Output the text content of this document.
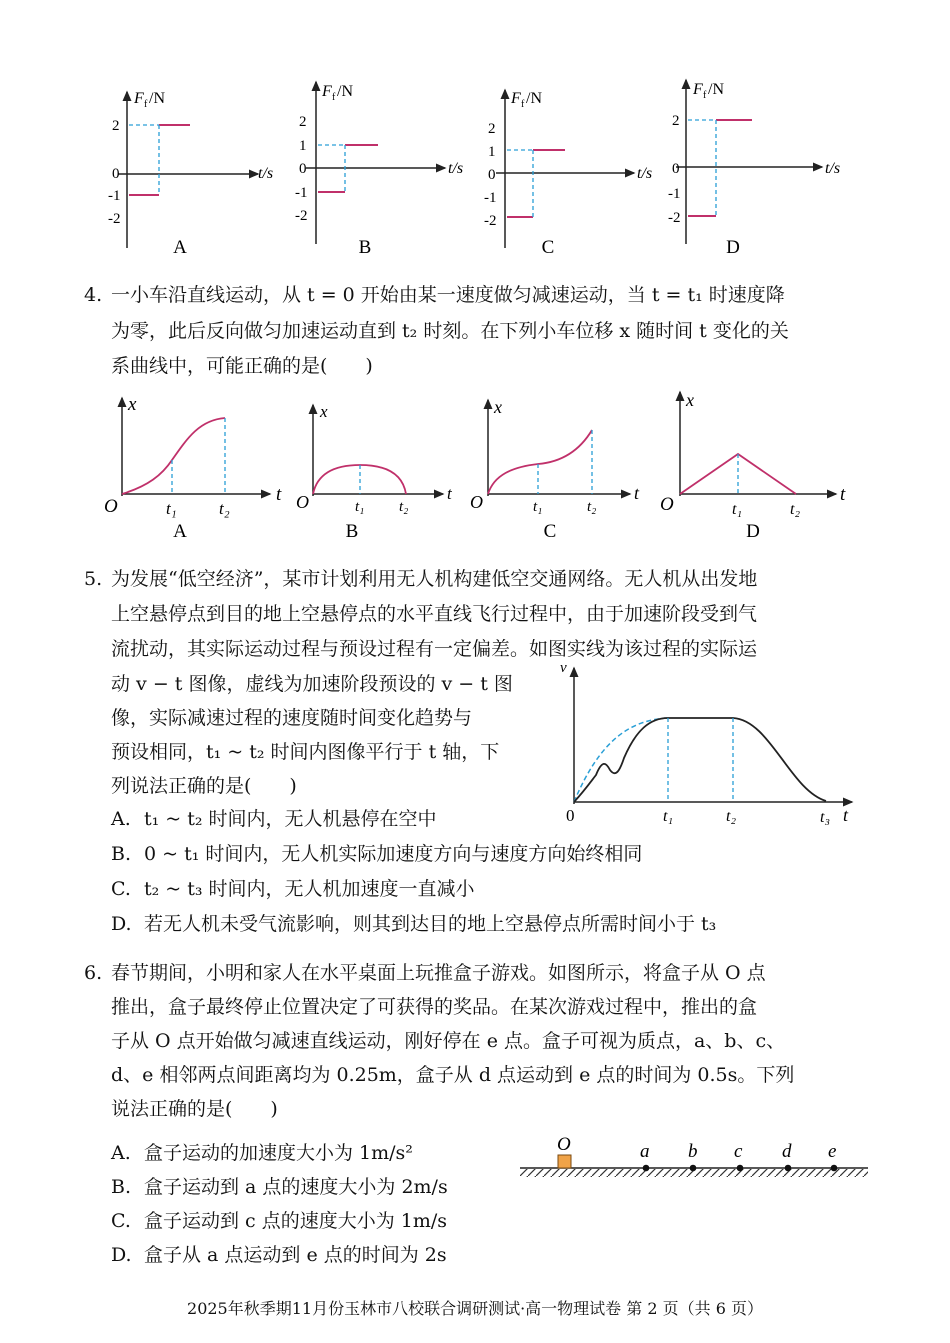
F f /N
t/s
2
0
-1
-2
A
F f /N
t/s
2
1
0
-1
-2
B
F f /N
t/s
2
1
0
-1
-2
C
F f /N
t/s
2
0
-1
-2
D
4. 一小车沿直线运动，从 t = 0 开始由某一速度做匀减速运动，当 t = t₁ 时速度降
为零，此后反向做匀加速运动直到 t₂ 时刻。在下列小车位移 x 随时间 t 变化的关
系曲线中，可能正确的是(　　)
x
t
O	t₁ t₂
A
x
t
O	t₁ t₂
B
x
t
O	t₁	t₂
C
x
t
O	t₁	t₂
D
5. 为发展“低空经济”，某市计划利用无人机构建低空交通网络。无人机从出发地
上空悬停点到目的地上空悬停点的水平直线飞行过程中，由于加速阶段受到气
流扰动，其实际运动过程与预设过程有一定偏差。如图实线为该过程的实际运
动 v − t 图像，虚线为加速阶段预设的 v − t 图
像，实际减速过程的速度随时间变化趋势与
预设相同，t₁ ~ t₂ 时间内图像平行于 t 轴，下
列说法正确的是(　　)
v
0	t₁	t₂	t₃ t
A. t₁ ~ t₂ 时间内，无人机悬停在空中
B. 0 ~ t₁ 时间内，无人机实际加速度方向与速度方向始终相同
C. t₂ ~ t₃ 时间内，无人机加速度一直减小
D. 若无人机未受气流影响，则其到达目的地上空悬停点所需时间小于 t₃
6. 春节期间，小明和家人在水平桌面上玩推盒子游戏。如图所示，将盒子从 O 点
推出，盒子最终停止位置决定了可获得的奖品。在某次游戏过程中，推出的盒
子从 O 点开始做匀减速直线运动，刚好停在 e 点。盒子可视为质点，a、b、c、
d、e 相邻两点间距离均为 0.25m，盒子从 d 点运动到 e 点的时间为 0.5s。下列
说法正确的是(　　)
A. 盒子运动的加速度大小为 1m/s²
B. 盒子运动到 a 点的速度大小为 2m/s
C. 盒子运动到 c 点的速度大小为 1m/s
D. 盒子从 a 点运动到 e 点的时间为 2s
O	a b c d e
2025年秋季期11月份玉林市八校联合调研测试·高一物理试卷 第 2 页（共 6 页）
